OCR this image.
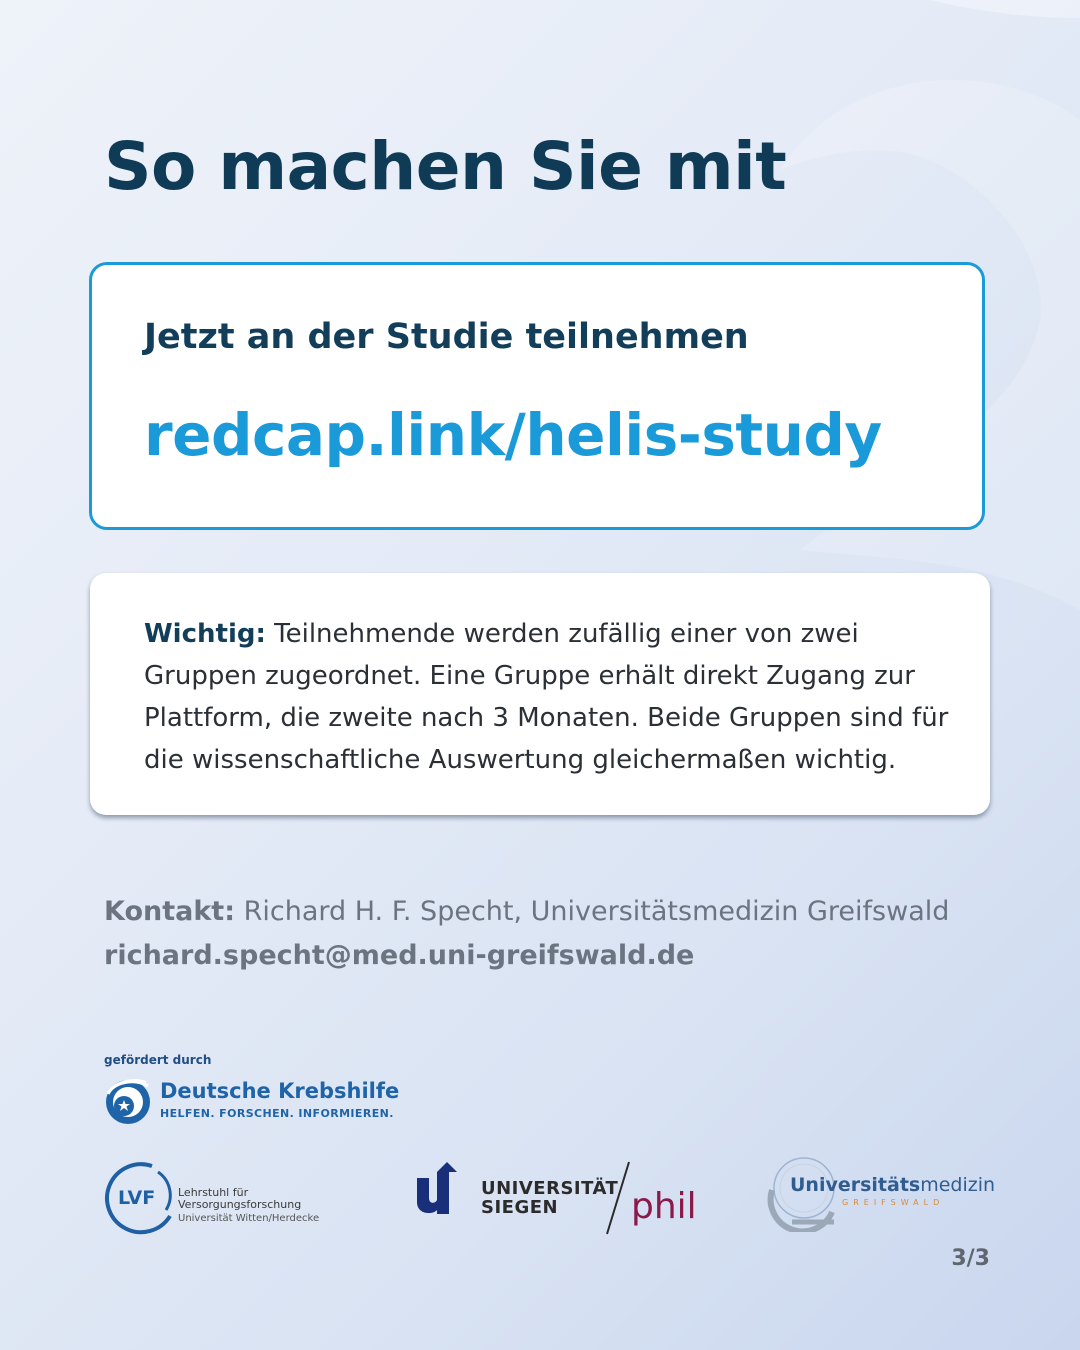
So machen Sie mit
Jetzt an der Studie teilnehmen
redcap.link/helis-study

Wichtig: Teilnehmende werden zufällig einer von zwei Gruppen zugeordnet. Eine Gruppe erhält direkt Zugang zur Plattform, die zweite nach 3 Monaten. Beide Gruppen sind für die wissenschaftliche Auswertung gleichermaßen wichtig.

Kontakt: Richard H. F. Specht, Universitätsmedizin Greifswald
richard.specht@med.uni-greifswald.de
gefördert durch
Deutsche Krebshilfe
HELFEN. FORSCHEN. INFORMIEREN.
LVF Lehrstuhl für
Versorgungsforschung
Universität Witten/Herdecke
UNIVERSITÄT
SIEGEN phil
Universitätsmedizin
GREIFSWALD
3/3
